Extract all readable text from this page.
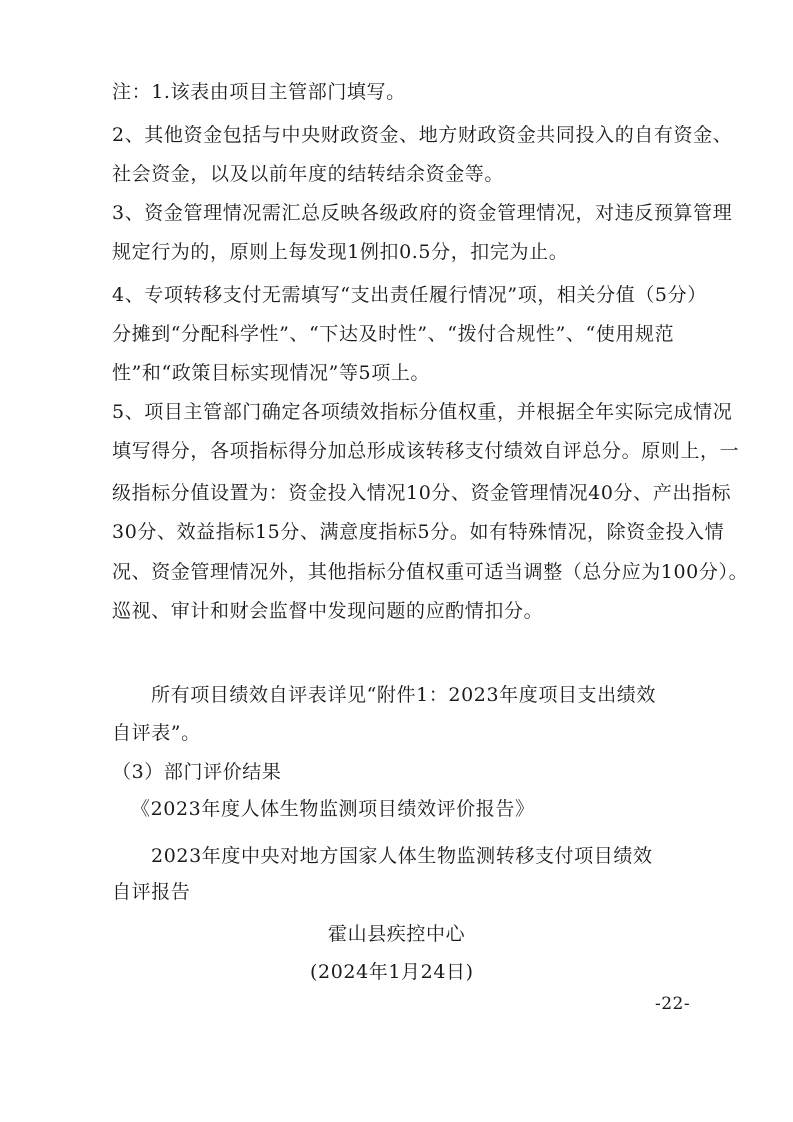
注：1.该表由项目主管部门填写。
2、其他资金包括与中央财政资金、地方财政资金共同投入的自有资金、
社会资金，以及以前年度的结转结余资金等。
3、资金管理情况需汇总反映各级政府的资金管理情况，对违反预算管理
规定行为的，原则上每发现1例扣0.5分，扣完为止。
4、专项转移支付无需填写“支出责任履行情况”项，相关分值（5分）
分摊到“分配科学性”、“下达及时性”、“拨付合规性”、“使用规范
性”和“政策目标实现情况”等5项上。
5、项目主管部门确定各项绩效指标分值权重，并根据全年实际完成情况
填写得分，各项指标得分加总形成该转移支付绩效自评总分。原则上，一
级指标分值设置为：资金投入情况10分、资金管理情况40分、产出指标
30分、效益指标15分、满意度指标5分。如有特殊情况，除资金投入情
况、资金管理情况外，其他指标分值权重可适当调整（总分应为100分）。
巡视、审计和财会监督中发现问题的应酌情扣分。
所有项目绩效自评表详见“附件1：2023年度项目支出绩效
自评表”。
（3）部门评价结果
《2023年度人体生物监测项目绩效评价报告》
2023年度中央对地方国家人体生物监测转移支付项目绩效
自评报告
霍山县疾控中心
(2024年1月24日)
-22-
